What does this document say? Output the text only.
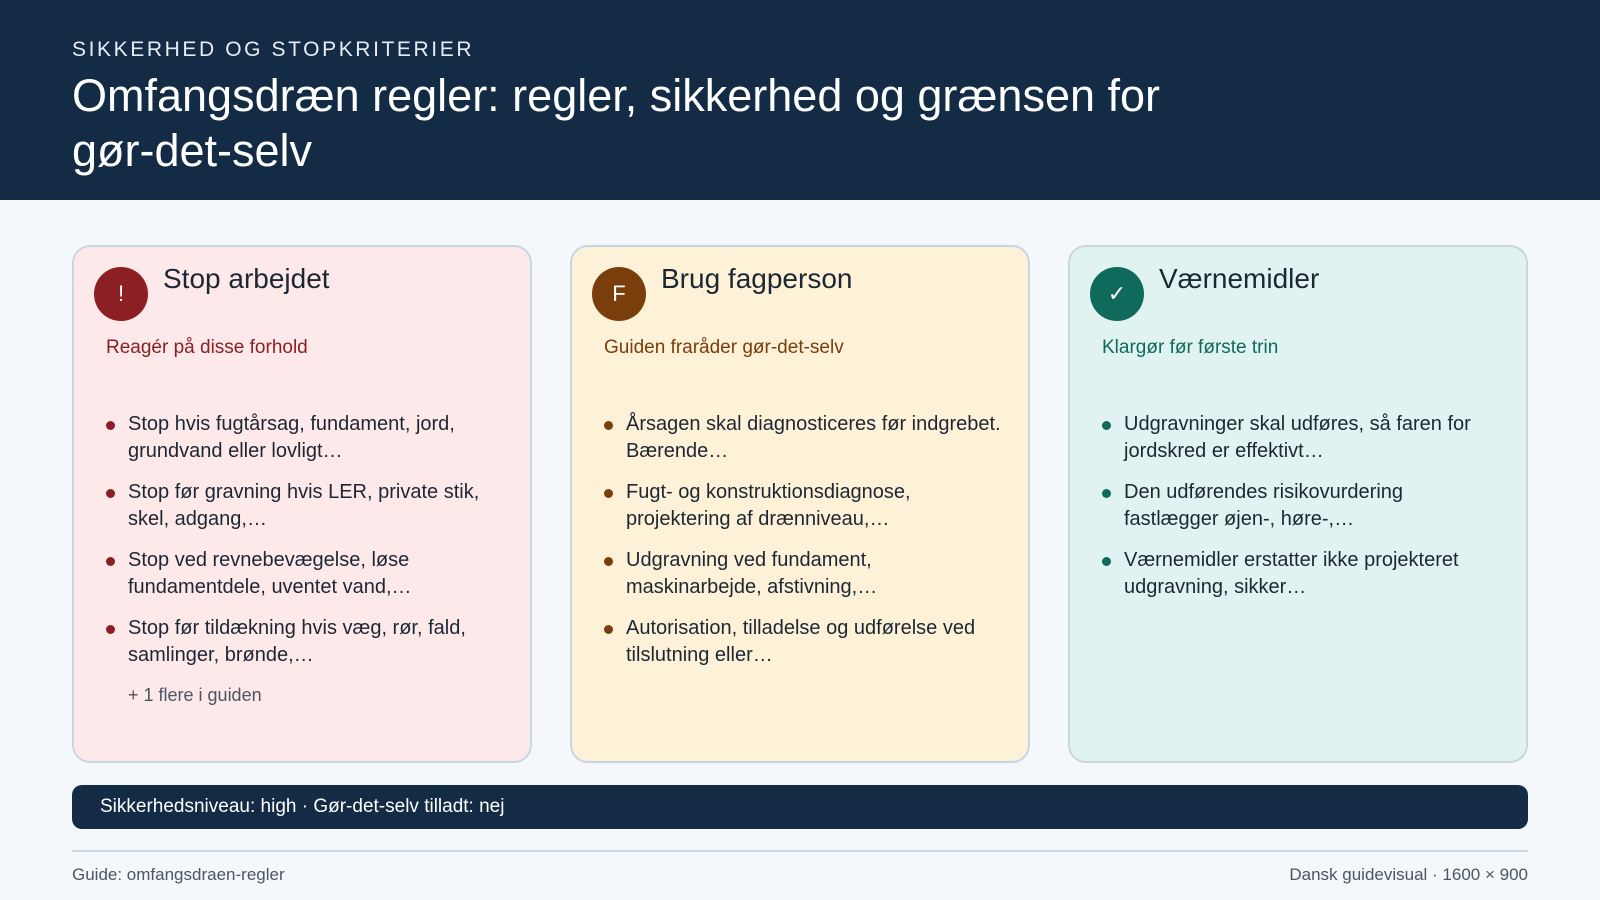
SIKKERHED OG STOPKRITERIER
Omfangsdræn regler: regler, sikkerhed og grænsen for gør-det-selv
!	Stop arbejdet
Reagér på disse forhold
Stop hvis fugtårsag, fundament, jord, grundvand eller lovligt…
Stop før gravning hvis LER, private stik, skel, adgang,…
Stop ved revnebevægelse, løse fundamentdele, uventet vand,…
Stop før tildækning hvis væg, rør, fald, samlinger, brønde,…
+ 1 flere i guiden
F	Brug fagperson
Guiden fraråder gør-det-selv
Årsagen skal diagnosticeres før indgrebet. Bærende…
Fugt- og konstruktionsdiagnose, projektering af drænniveau,…
Udgravning ved fundament, maskinarbejde, afstivning,…
Autorisation, tilladelse og udførelse ved tilslutning eller…
✓	Værnemidler
Klargør før første trin
Udgravninger skal udføres, så faren for jordskred er effektivt…
Den udførendes risikovurdering fastlægger øjen-, høre-,…
Værnemidler erstatter ikke projekteret udgravning, sikker…
Sikkerhedsniveau: high · Gør-det-selv tilladt: nej
Guide: omfangsdraen-regler	Dansk guidevisual · 1600 × 900
